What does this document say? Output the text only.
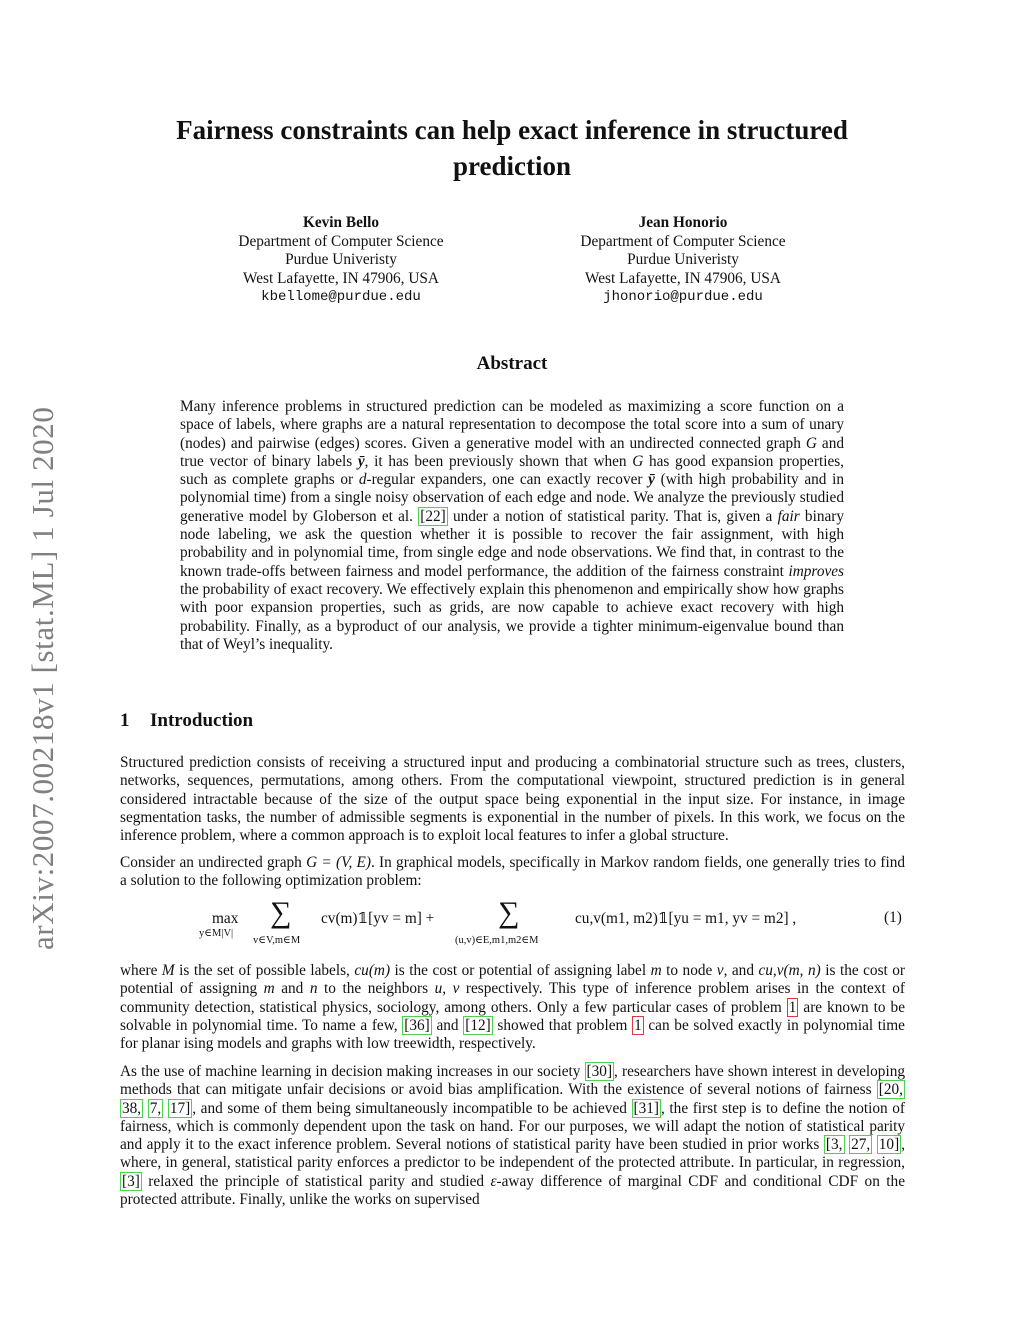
arXiv:2007.00218v1 [stat.ML] 1 Jul 2020
Fairness constraints can help exact inference in structured
prediction
Kevin Bello
Department of Computer Science
Purdue Univeristy
West Lafayette, IN 47906, USA
kbellome@purdue.edu
Jean Honorio
Department of Computer Science
Purdue Univeristy
West Lafayette, IN 47906, USA
jhonorio@purdue.edu
Abstract

Many inference problems in structured prediction can be modeled as maximizing a score function on a space of labels, where graphs are a natural representation to decompose the total score into a sum of unary (nodes) and pairwise (edges) scores. Given a generative model with an undirected connected graph G and true vector of binary labels ȳ, it has been previously shown that when G has good expansion properties, such as complete graphs or d-regular expanders, one can exactly recover ȳ (with high probability and in polynomial time) from a single noisy observation of each edge and node. We analyze the previously studied generative model by Globerson et al. [22] under a notion of statistical parity. That is, given a fair binary node labeling, we ask the question whether it is possible to recover the fair assignment, with high probability and in polynomial time, from single edge and node observations. We find that, in contrast to the known trade-offs between fairness and model performance, the addition of the fairness constraint improves the probability of exact recovery. We effectively explain this phenomenon and empirically show how graphs with poor expansion properties, such as grids, are now capable to achieve exact recovery with high probability. Finally, as a byproduct of our analysis, we provide a tighter minimum-eigenvalue bound than that of Weyl’s inequality.

1 Introduction

Structured prediction consists of receiving a structured input and producing a combinatorial structure such as trees, clusters, networks, sequences, permutations, among others. From the computational viewpoint, structured prediction is in general considered intractable because of the size of the output space being exponential in the input size. For instance, in image segmentation tasks, the number of admissible segments is exponential in the number of pixels. In this work, we focus on the inference problem, where a common approach is to exploit local features to infer a global structure.

Consider an undirected graph G = (V, E). In graphical models, specifically in Markov random fields, one generally tries to find a solution to the following optimization problem:

max
y∈M|V|
∑
v∈V,m∈M
cv(m)𝟙[yv = m] + ∑
(u,v)∈E,m1,m2∈M
cu,v(m1, m2)𝟙[yu = m1, yv = m2] ,	(1)

where M is the set of possible labels, cu(m) is the cost or potential of assigning label m to node v, and cu,v(m, n) is the cost or potential of assigning m and n to the neighbors u, v respectively. This type of inference problem arises in the context of community detection, statistical physics, sociology, among others. Only a few particular cases of problem 1 are known to be solvable in polynomial time. To name a few, [36] and [12] showed that problem 1 can be solved exactly in polynomial time for planar ising models and graphs with low treewidth, respectively.

As the use of machine learning in decision making increases in our society [30] , researchers have shown interest in developing methods that can mitigate unfair decisions or avoid bias amplification. With the existence of several notions of fairness [20, 38, 7, 17] , and some of them being simultaneously incompatible to be achieved [31] , the first step is to define the notion of fairness, which is commonly dependent upon the task on hand. For our purposes, we will adapt the notion of statistical parity and apply it to the exact inference problem. Several notions of statistical parity have been studied in prior works [3, 27, 10] , where, in general, statistical parity enforces a predictor to be independent of the protected attribute. In particular, in regression, [3] relaxed the principle of statistical parity and studied ε-away difference of marginal CDF and conditional CDF on the protected attribute. Finally, unlike the works on supervised
